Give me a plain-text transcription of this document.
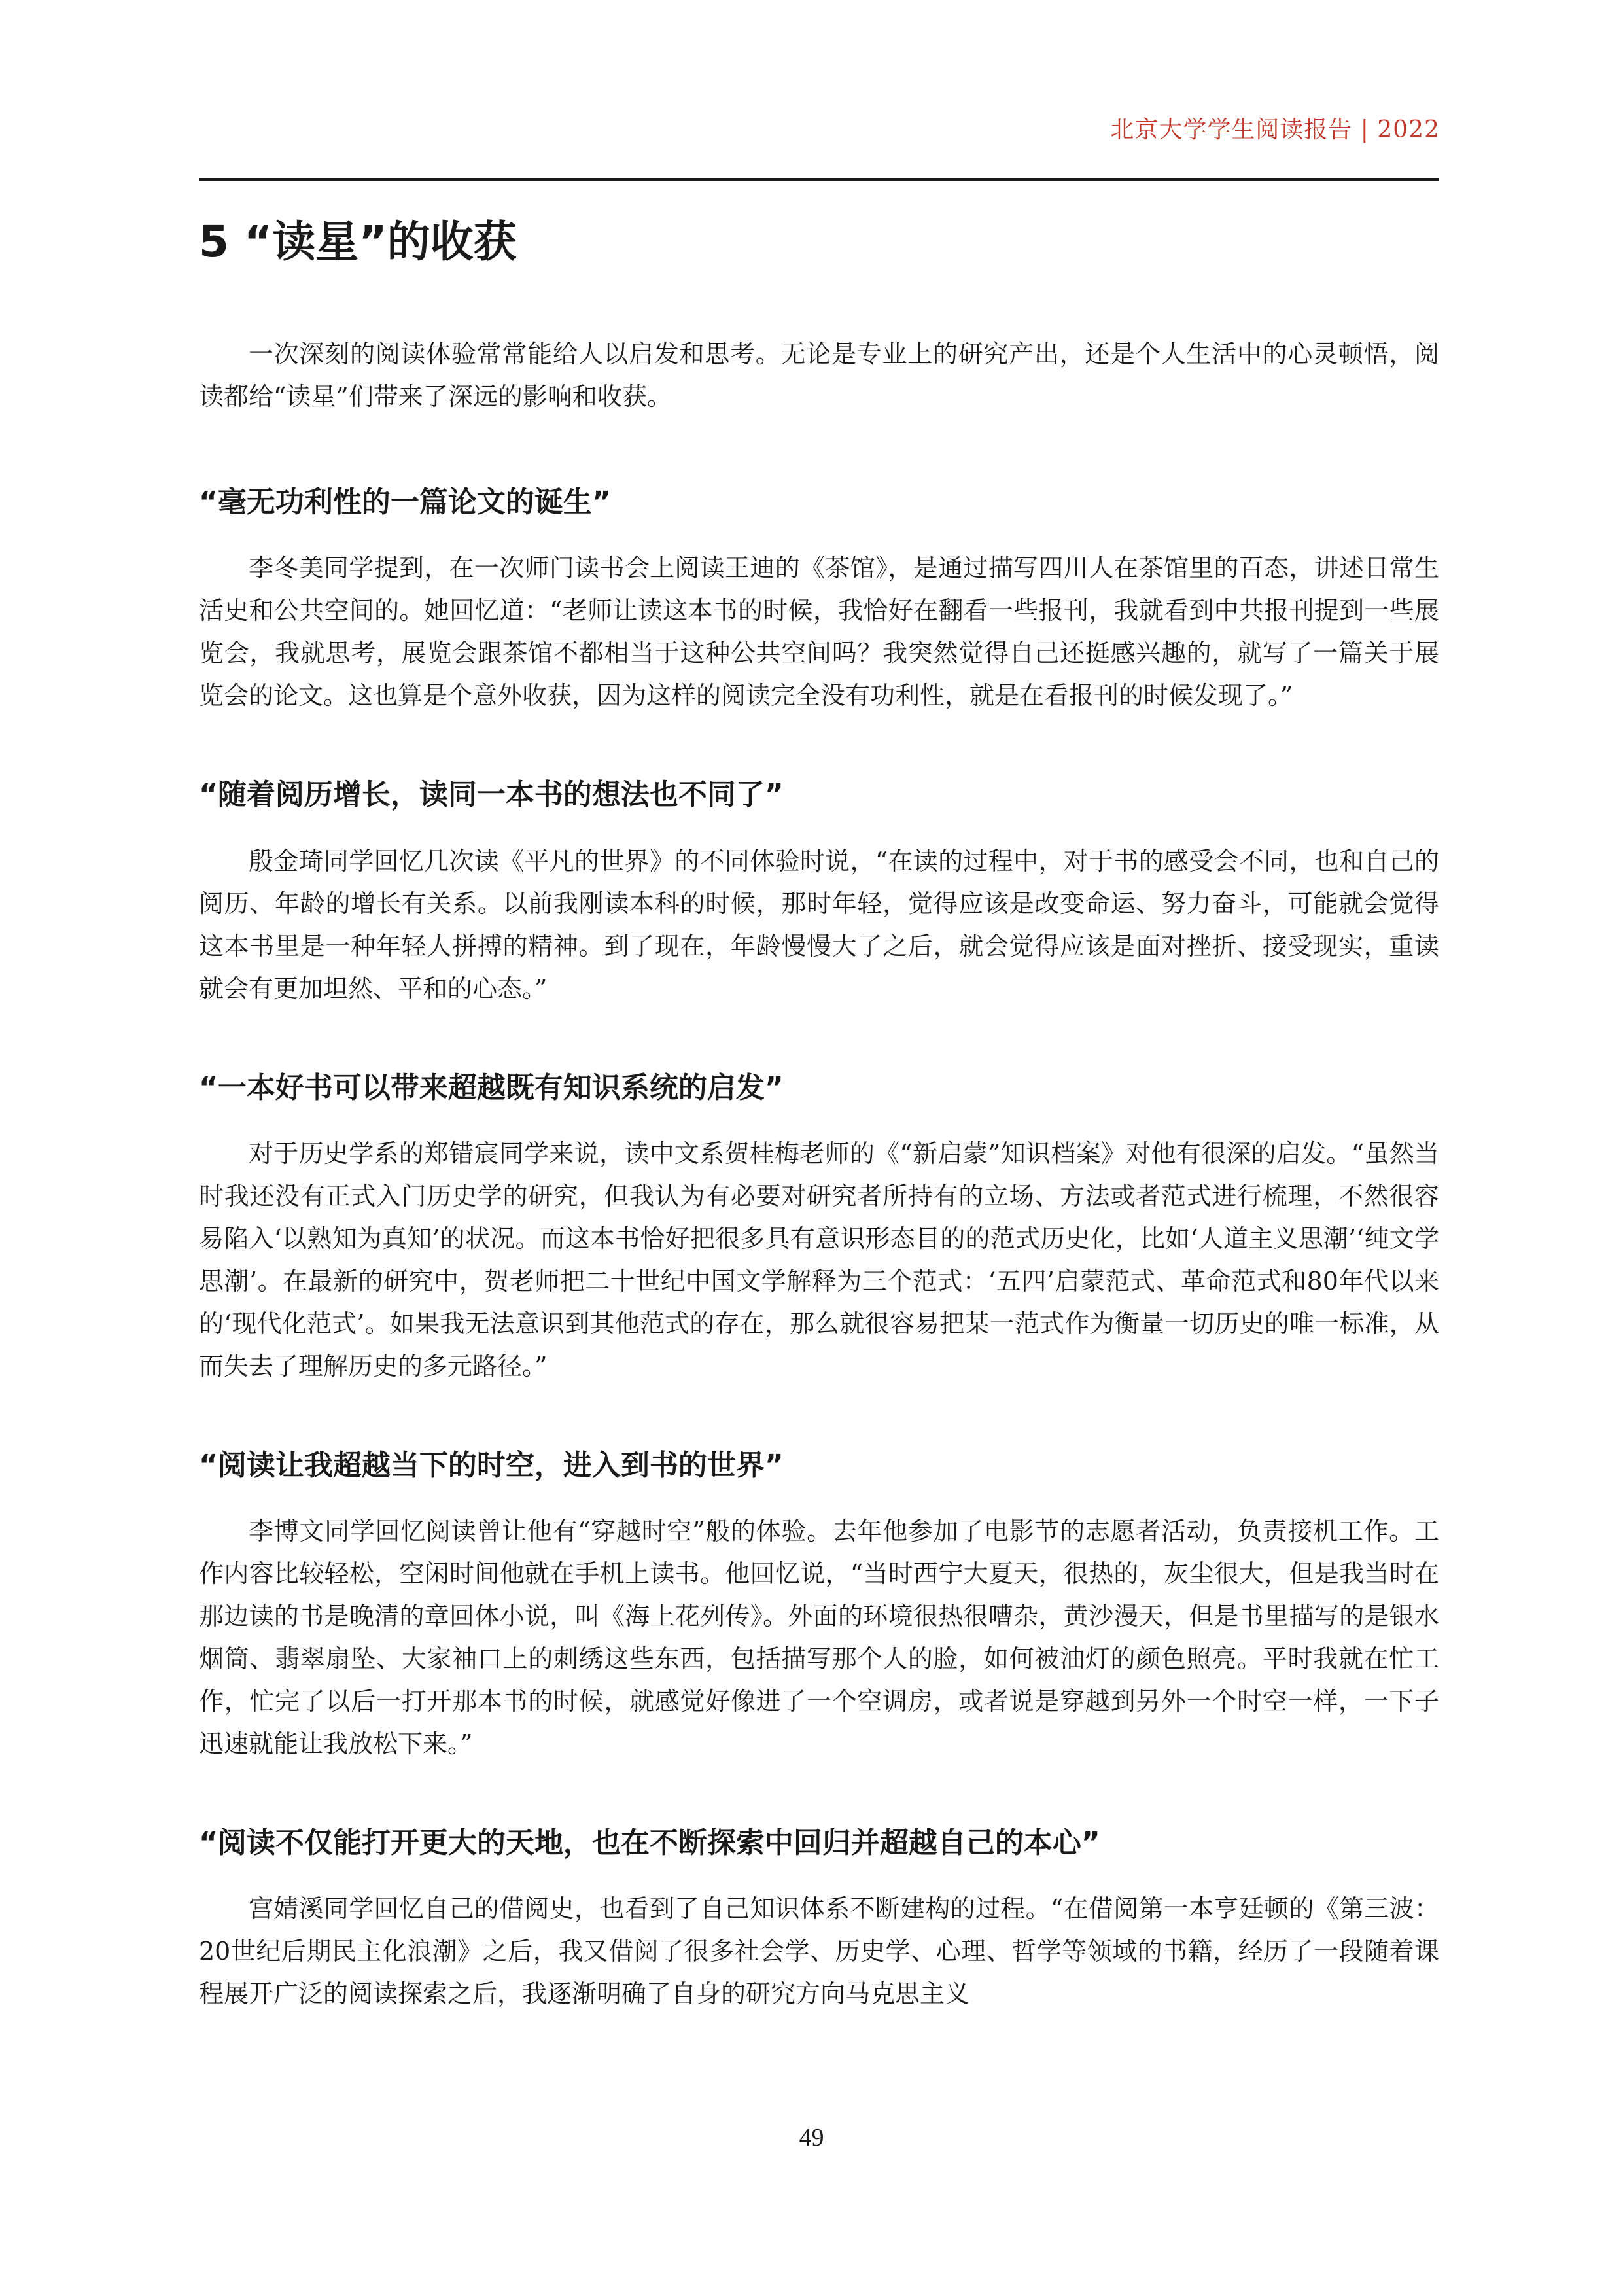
北京大学学生阅读报告 | 2022
5 “读星”的收获

一次深刻的阅读体验常常能给人以启发和思考。无论是专业上的研究产出，还是个人生活中的心灵顿悟，阅读都给“读星”们带来了深远的影响和收获。

“毫无功利性的一篇论文的诞生”

李冬美同学提到，在一次师门读书会上阅读王迪的《茶馆》，是通过描写四川人在茶馆里的百态，讲述日常生活史和公共空间的。她回忆道：“老师让读这本书的时候，我恰好在翻看一些报刊，我就看到中共报刊提到一些展览会，我就思考，展览会跟茶馆不都相当于这种公共空间吗？我突然觉得自己还挺感兴趣的，就写了一篇关于展览会的论文。这也算是个意外收获，因为这样的阅读完全没有功利性，就是在看报刊的时候发现了。”

“随着阅历增长，读同一本书的想法也不同了”

殷金琦同学回忆几次读《平凡的世界》的不同体验时说，“在读的过程中，对于书的感受会不同，也和自己的阅历、年龄的增长有关系。以前我刚读本科的时候，那时年轻，觉得应该是改变命运、努力奋斗，可能就会觉得这本书里是一种年轻人拼搏的精神。到了现在，年龄慢慢大了之后，就会觉得应该是面对挫折、接受现实，重读就会有更加坦然、平和的心态。”

“一本好书可以带来超越既有知识系统的启发”

对于历史学系的郑错宸同学来说，读中文系贺桂梅老师的《“新启蒙”知识档案》对他有很深的启发。“虽然当时我还没有正式入门历史学的研究，但我认为有必要对研究者所持有的立场、方法或者范式进行梳理，不然很容易陷入‘以熟知为真知’的状况。而这本书恰好把很多具有意识形态目的的范式历史化，比如‘人道主义思潮’‘纯文学思潮’。在最新的研究中，贺老师把二十世纪中国文学解释为三个范式：‘五四’启蒙范式、革命范式和80年代以来的‘现代化范式’。如果我无法意识到其他范式的存在，那么就很容易把某一范式作为衡量一切历史的唯一标准，从而失去了理解历史的多元路径。”

“阅读让我超越当下的时空，进入到书的世界”

李博文同学回忆阅读曾让他有“穿越时空”般的体验。去年他参加了电影节的志愿者活动，负责接机工作。工作内容比较轻松，空闲时间他就在手机上读书。他回忆说，“当时西宁大夏天，很热的，灰尘很大，但是我当时在那边读的书是晚清的章回体小说，叫《海上花列传》。外面的环境很热很嘈杂，黄沙漫天，但是书里描写的是银水烟筒、翡翠扇坠、大家袖口上的刺绣这些东西，包括描写那个人的脸，如何被油灯的颜色照亮。平时我就在忙工作，忙完了以后一打开那本书的时候，就感觉好像进了一个空调房，或者说是穿越到另外一个时空一样，一下子迅速就能让我放松下来。”

“阅读不仅能打开更大的天地，也在不断探索中回归并超越自己的本心”

宫婧溪同学回忆自己的借阅史，也看到了自己知识体系不断建构的过程。“在借阅第一本亨廷顿的《第三波：20世纪后期民主化浪潮》之后，我又借阅了很多社会学、历史学、心理、哲学等领域的书籍，经历了一段随着课程展开广泛的阅读探索之后，我逐渐明确了自身的研究方向马克思主义

49
